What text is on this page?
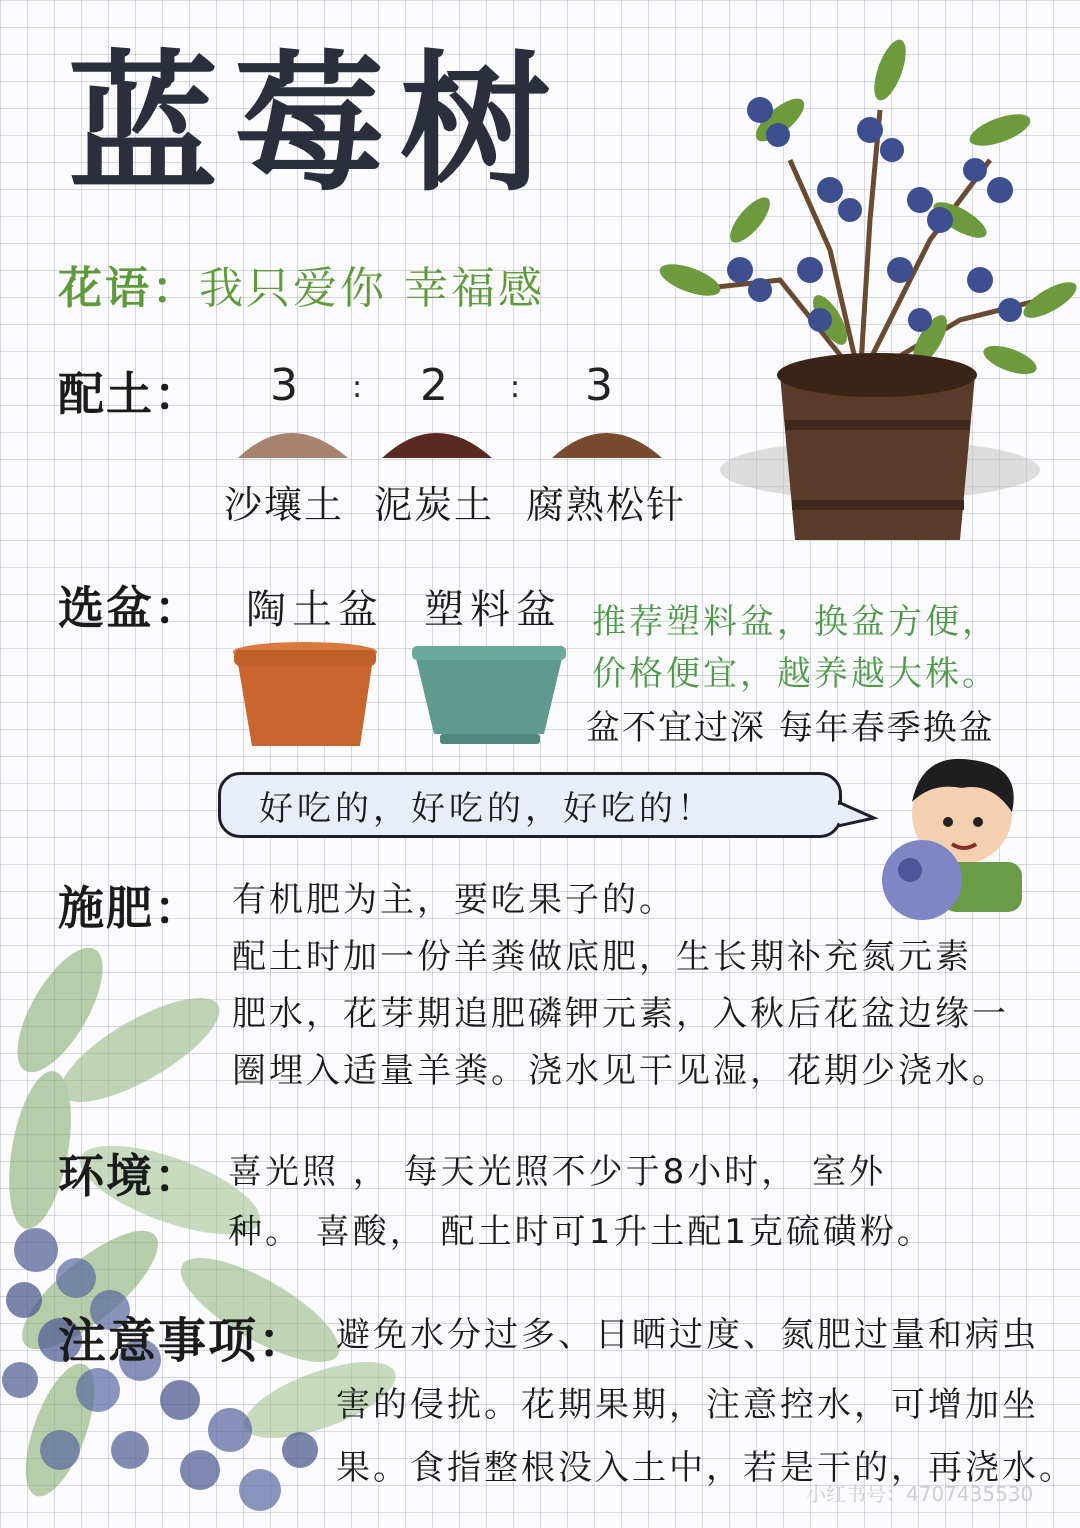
蓝莓树
花语：我只爱你 幸福感
配土： 3 : 2 : 3
沙壤土 泥炭土 腐熟松针
选盆： 陶土盆 塑料盆 推荐塑料盆，换盆方便，
价格便宜，越养越大株。
盆不宜过深 每年春季换盆
好吃的，好吃的，好吃的！
施肥： 有机肥为主，要吃果子的。
配土时加一份羊粪做底肥，生长期补充氮元素
肥水，花芽期追肥磷钾元素，入秋后花盆边缘一
圈埋入适量羊粪。浇水见干见湿，花期少浇水。
环境： 喜光照 ， 每天光照不少于8小时， 室外
种。 喜酸， 配土时可1升土配1克硫磺粉。
注意事项： 避免水分过多、日晒过度、氮肥过量和病虫
害的侵扰。花期果期，注意控水，可增加坐
果。食指整根没入土中，若是干的，再浇水。
小红书号：4707435530
